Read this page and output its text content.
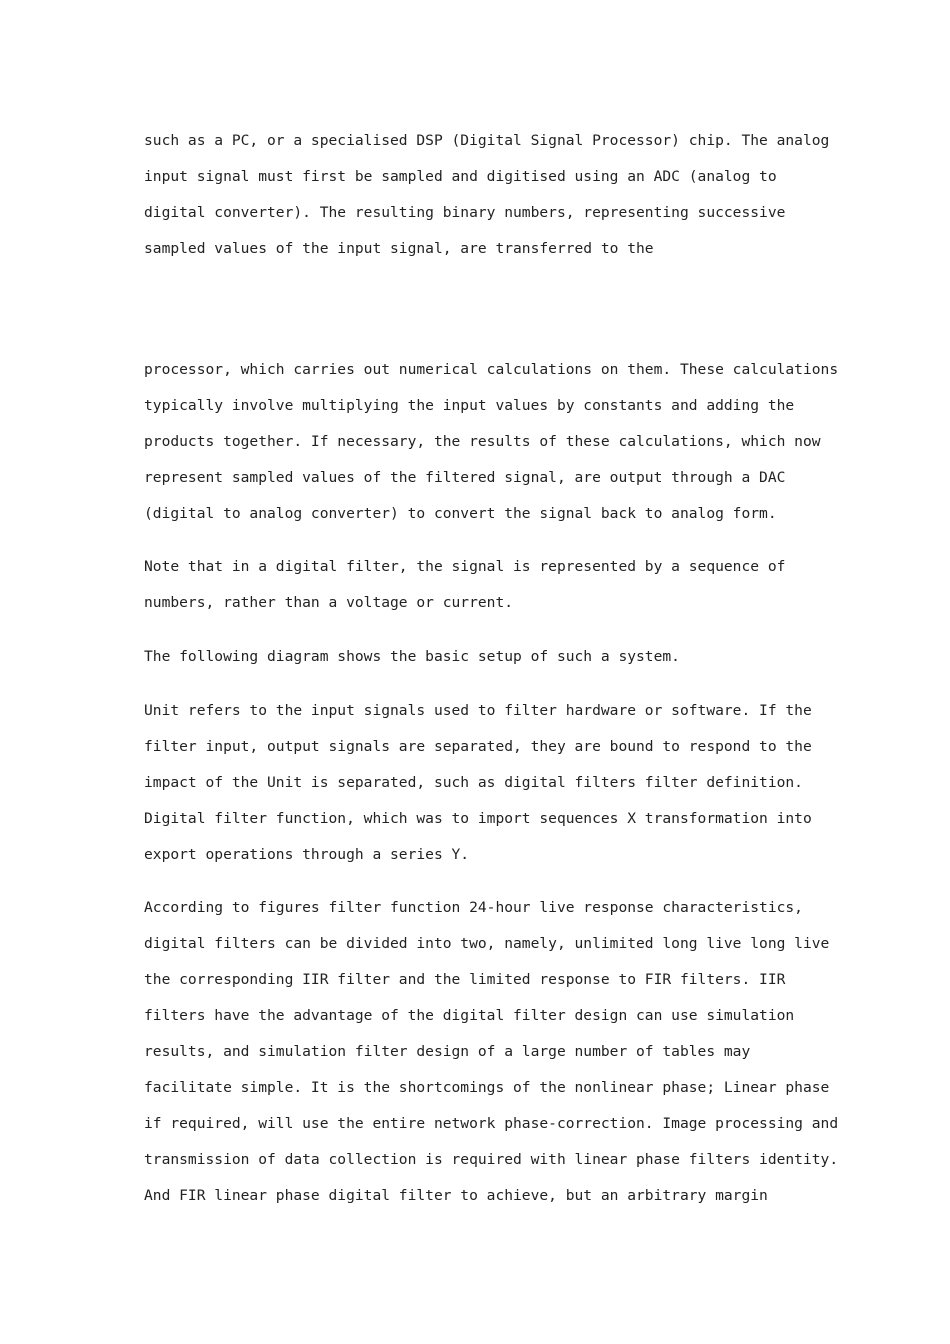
such as a PC, or a specialised DSP (Digital Signal Processor) chip. The analog
input signal must first be sampled and digitised using an ADC (analog to
digital converter). The resulting binary numbers, representing successive
sampled values of the input signal, are transferred to the
processor, which carries out numerical calculations on them. These calculations
typically involve multiplying the input values by constants and adding the
products together. If necessary, the results of these calculations, which now
represent sampled values of the filtered signal, are output through a DAC
(digital to analog converter) to convert the signal back to analog form.
Note that in a digital filter, the signal is represented by a sequence of
numbers, rather than a voltage or current.
The following diagram shows the basic setup of such a system.
Unit refers to the input signals used to filter hardware or software. If the
filter input, output signals are separated, they are bound to respond to the
impact of the Unit is separated, such as digital filters filter definition.
Digital filter function, which was to import sequences X transformation into
export operations through a series Y.
According to figures filter function 24-hour live response characteristics,
digital filters can be divided into two, namely, unlimited long live long live
the corresponding IIR filter and the limited response to FIR filters. IIR
filters have the advantage of the digital filter design can use simulation
results, and simulation filter design of a large number of tables may
facilitate simple. It is the shortcomings of the nonlinear phase; Linear phase
if required, will use the entire network phase-correction. Image processing and
transmission of data collection is required with linear phase filters identity.
And FIR linear phase digital filter to achieve, but an arbitrary margin
